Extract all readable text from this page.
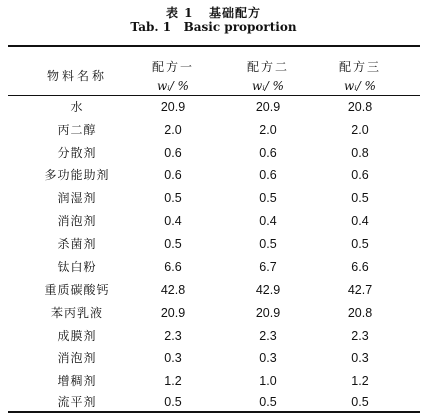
表 1   基础配方
Tab. 1   Basic proportion
物料名称
配方一	配方二	配方三
wᵢ/ %	wᵢ/ %	wᵢ/ %
水	20.9	20.9	20.8
丙二醇	2.0	2.0	2.0
分散剂	0.6	0.6	0.8
多功能助剂	0.6	0.6	0.6
润湿剂	0.5	0.5	0.5
消泡剂	0.4	0.4	0.4
杀菌剂	0.5	0.5	0.5
钛白粉	6.6	6.7	6.6
重质碳酸钙	42.8	42.9	42.7
苯丙乳液	20.9	20.9	20.8
成膜剂	2.3	2.3	2.3
消泡剂	0.3	0.3	0.3
增稠剂	1.2	1.0	1.2
流平剂	0.5	0.5	0.5
